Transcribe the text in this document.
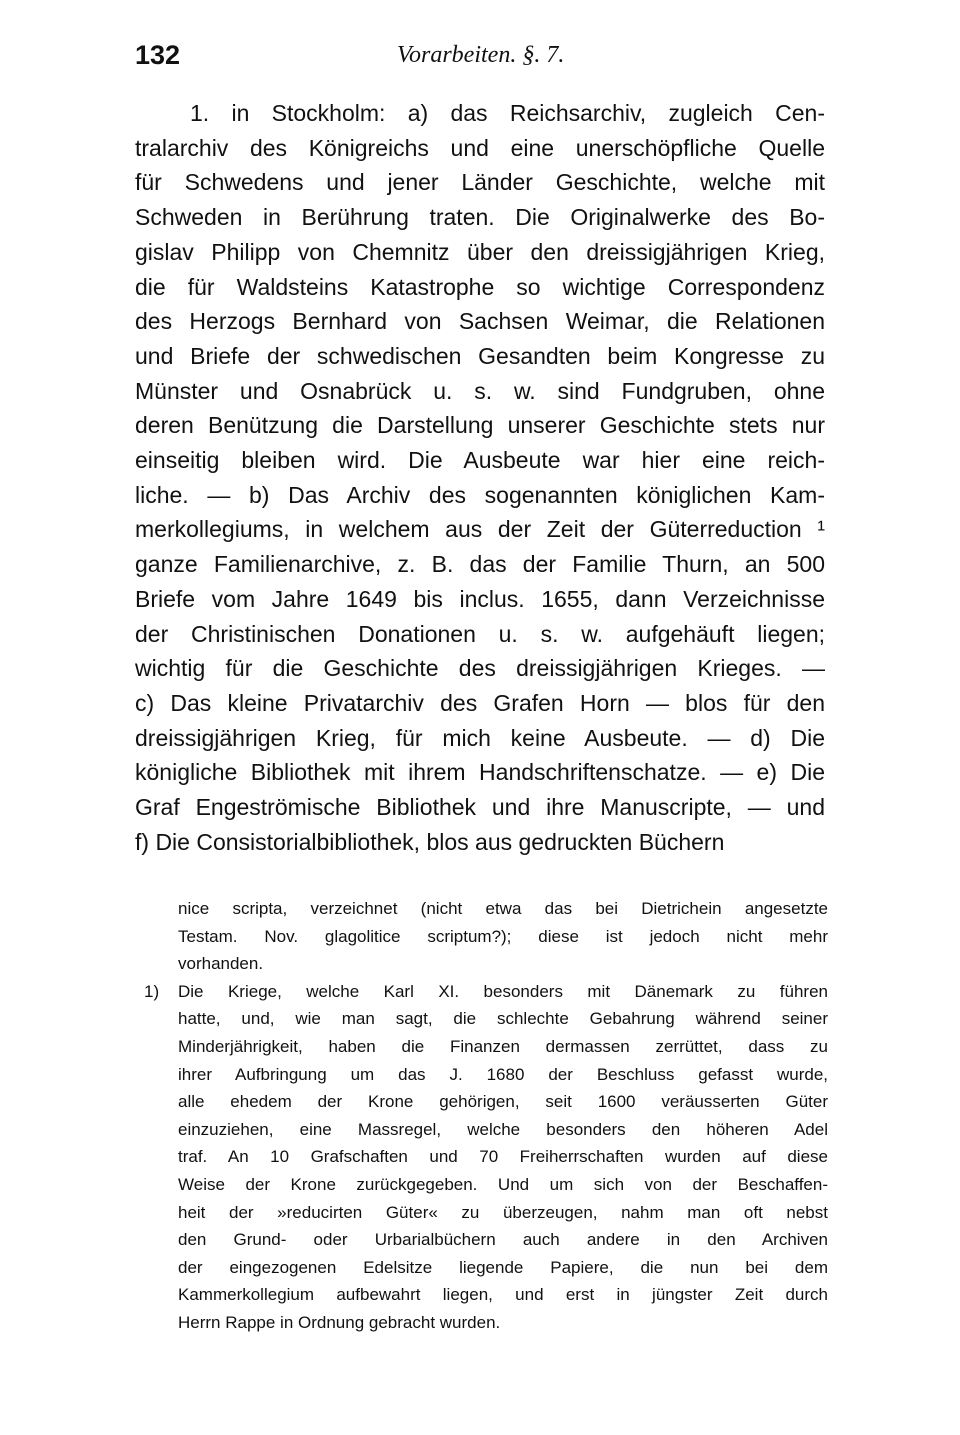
132	Vorarbeiten. §. 7.
1. in Stockholm: a) das Reichsarchiv, zugleich Cen-
tralarchiv des Königreichs und eine unerschöpfliche Quelle
für Schwedens und jener Länder Geschichte, welche mit
Schweden in Berührung traten. Die Originalwerke des Bo-
gislav Philipp von Chemnitz über den dreissigjährigen Krieg,
die für Waldsteins Katastrophe so wichtige Correspondenz
des Herzogs Bernhard von Sachsen Weimar, die Relationen
und Briefe der schwedischen Gesandten beim Kongresse zu
Münster und Osnabrück u. s. w. sind Fundgruben, ohne
deren Benützung die Darstellung unserer Geschichte stets nur
einseitig bleiben wird. Die Ausbeute war hier eine reich-
liche. — b) Das Archiv des sogenannten königlichen Kam-
merkollegiums, in welchem aus der Zeit der Güterreduction ¹
ganze Familienarchive, z. B. das der Familie Thurn, an 500
Briefe vom Jahre 1649 bis inclus. 1655, dann Verzeichnisse
der Christinischen Donationen u. s. w. aufgehäuft liegen;
wichtig für die Geschichte des dreissigjährigen Krieges. —
c) Das kleine Privatarchiv des Grafen Horn — blos für den
dreissigjährigen Krieg, für mich keine Ausbeute. — d) Die
königliche Bibliothek mit ihrem Handschriftenschatze. — e) Die
Graf Engeströmische Bibliothek und ihre Manuscripte, — und
f) Die Consistorialbibliothek, blos aus gedruckten Büchern
nice scripta, verzeichnet (nicht etwa das bei Dietrichein angesetzte
Testam. Nov. glagolitice scriptum?); diese ist jedoch nicht mehr
vorhanden.
1) Die Kriege, welche Karl XI. besonders mit Dänemark zu führen
hatte, und, wie man sagt, die schlechte Gebahrung während seiner
Minderjährigkeit, haben die Finanzen dermassen zerrüttet, dass zu
ihrer Aufbringung um das J. 1680 der Beschluss gefasst wurde,
alle ehedem der Krone gehörigen, seit 1600 veräusserten Güter
einzuziehen, eine Massregel, welche besonders den höheren Adel
traf. An 10 Grafschaften und 70 Freiherrschaften wurden auf diese
Weise der Krone zurückgegeben. Und um sich von der Beschaffen-
heit der »reducirten Güter« zu überzeugen, nahm man oft nebst
den Grund- oder Urbarialbüchern auch andere in den Archiven
der eingezogenen Edelsitze liegende Papiere, die nun bei dem
Kammerkollegium aufbewahrt liegen, und erst in jüngster Zeit durch
Herrn Rappe in Ordnung gebracht wurden.
